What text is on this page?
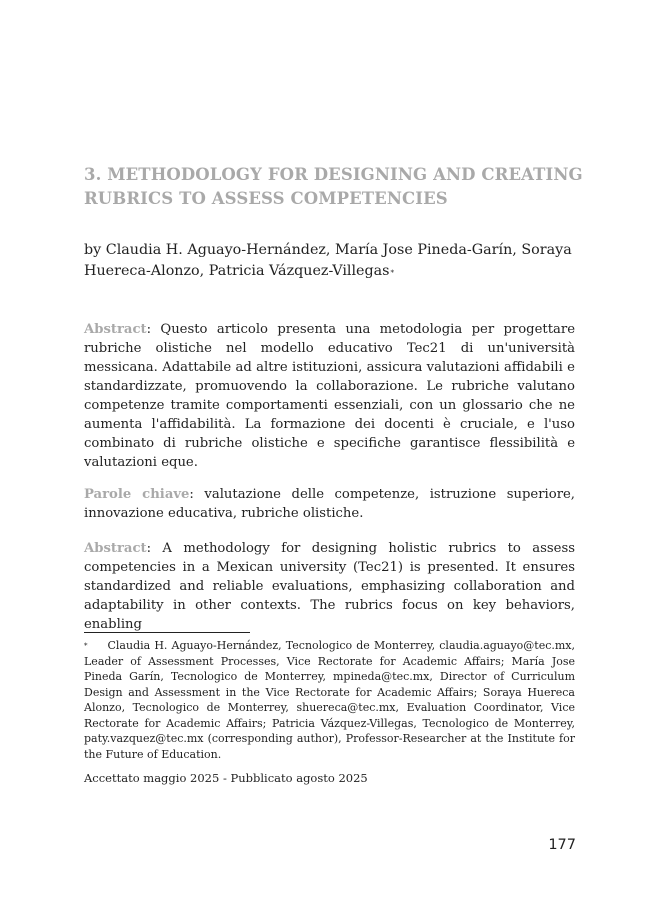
3. METHODOLOGY FOR DESIGNING AND CREATING RUBRICS TO ASSESS COMPETENCIES
by Claudia H. Aguayo-Hernández, María Jose Pineda-Garín, Soraya Huereca-Alonzo, Patricia Vázquez-Villegas*

Abstract: Questo articolo presenta una metodologia per progettare rubriche olistiche nel modello educativo Tec21 di un'università messicana. Adattabile ad altre istituzioni, assicura valutazioni affidabili e standardizzate, promuovendo la collaborazione. Le rubriche valutano competenze tramite comportamenti essenziali, con un glossario che ne aumenta l'affidabilità. La formazione dei docenti è cruciale, e l'uso combinato di rubriche olistiche e specifiche garantisce flessibilità e valutazioni eque.

Parole chiave: valutazione delle competenze, istruzione superiore, innovazione educativa, rubriche olistiche.

Abstract: A methodology for designing holistic rubrics to assess competencies in a Mexican university (Tec21) is presented. It ensures standardized and reliable evaluations, emphasizing collaboration and adaptability in other contexts. The rubrics focus on key behaviors, enabling

* Claudia H. Aguayo-Hernández, Tecnologico de Monterrey, claudia.aguayo@tec.mx, Leader of Assessment Processes, Vice Rectorate for Academic Affairs; María Jose Pineda Garín, Tecnologico de Monterrey, mpineda@tec.mx, Director of Curriculum Design and Assessment in the Vice Rectorate for Academic Affairs; Soraya Huereca Alonzo, Tecnologico de Monterrey, shuereca@tec.mx, Evaluation Coordinator, Vice Rectorate for Academic Affairs; Patricia Vázquez-Villegas, Tecnologico de Monterrey, paty.vazquez@tec.mx (corresponding author), Professor-Researcher at the Institute for the Future of Education.

Accettato maggio 2025 - Pubblicato agosto 2025
177
